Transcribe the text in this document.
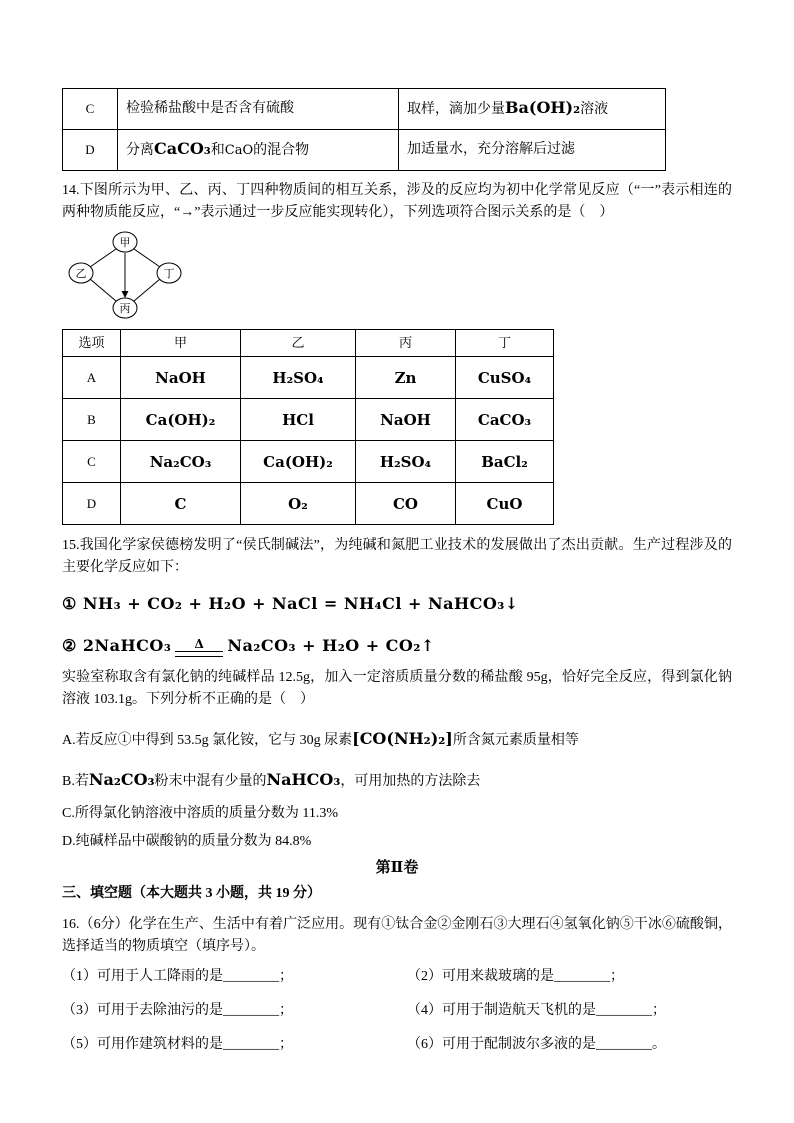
C	检验稀盐酸中是否含有硫酸	取样，滴加少量Ba(OH)₂溶液
D	分离CaCO₃和CaO的混合物	加适量水，充分溶解后过滤

14.下图所示为甲、乙、丙、丁四种物质间的相互关系，涉及的反应均为初中化学常见反应（“一”表示相连的两种物质能反应，“→”表示通过一步反应能实现转化），下列选项符合图示关系的是（　）

甲
乙	丁
丙
选项	甲	乙	丙	丁
A	NaOH	H₂SO₄	Zn	CuSO₄
B	Ca(OH)₂	HCl	NaOH	CaCO₃
C	Na₂CO₃	Ca(OH)₂	H₂SO₄	BaCl₂
D	C	O₂	CO	CuO

15.我国化学家侯德榜发明了“侯氏制碱法”，为纯碱和氮肥工业技术的发展做出了杰出贡献。生产过程涉及的主要化学反应如下：

① NH₃ + CO₂ + H₂O + NaCl = NH₄Cl + NaHCO₃↓

② 2NaHCO₃ Δ Na₂CO₃ + H₂O + CO₂↑

实验室称取含有氯化钠的纯碱样品 12.5g，加入一定溶质质量分数的稀盐酸 95g，恰好完全反应，得到氯化钠溶液 103.1g。下列分析不正确的是（　）

A.若反应①中得到 53.5g 氯化铵，它与 30g 尿素[CO(NH₂)₂]所含氮元素质量相等

B.若Na₂CO₃粉末中混有少量的NaHCO₃，可用加热的方法除去

C.所得氯化钠溶液中溶质的质量分数为 11.3%

D.纯碱样品中碳酸钠的质量分数为 84.8%

第Ⅱ卷

三、填空题（本大题共 3 小题，共 19 分）

16.（6分）化学在生产、生活中有着广泛应用。现有①钛合金②金刚石③大理石④氢氧化钠⑤干冰⑥硫酸铜，选择适当的物质填空（填序号）。

（1）可用于人工降雨的是________；	（2）可用来裁玻璃的是________；
（3）可用于去除油污的是________；	（4）可用于制造航天飞机的是________；
（5）可用作建筑材料的是________；	（6）可用于配制波尔多液的是________。
